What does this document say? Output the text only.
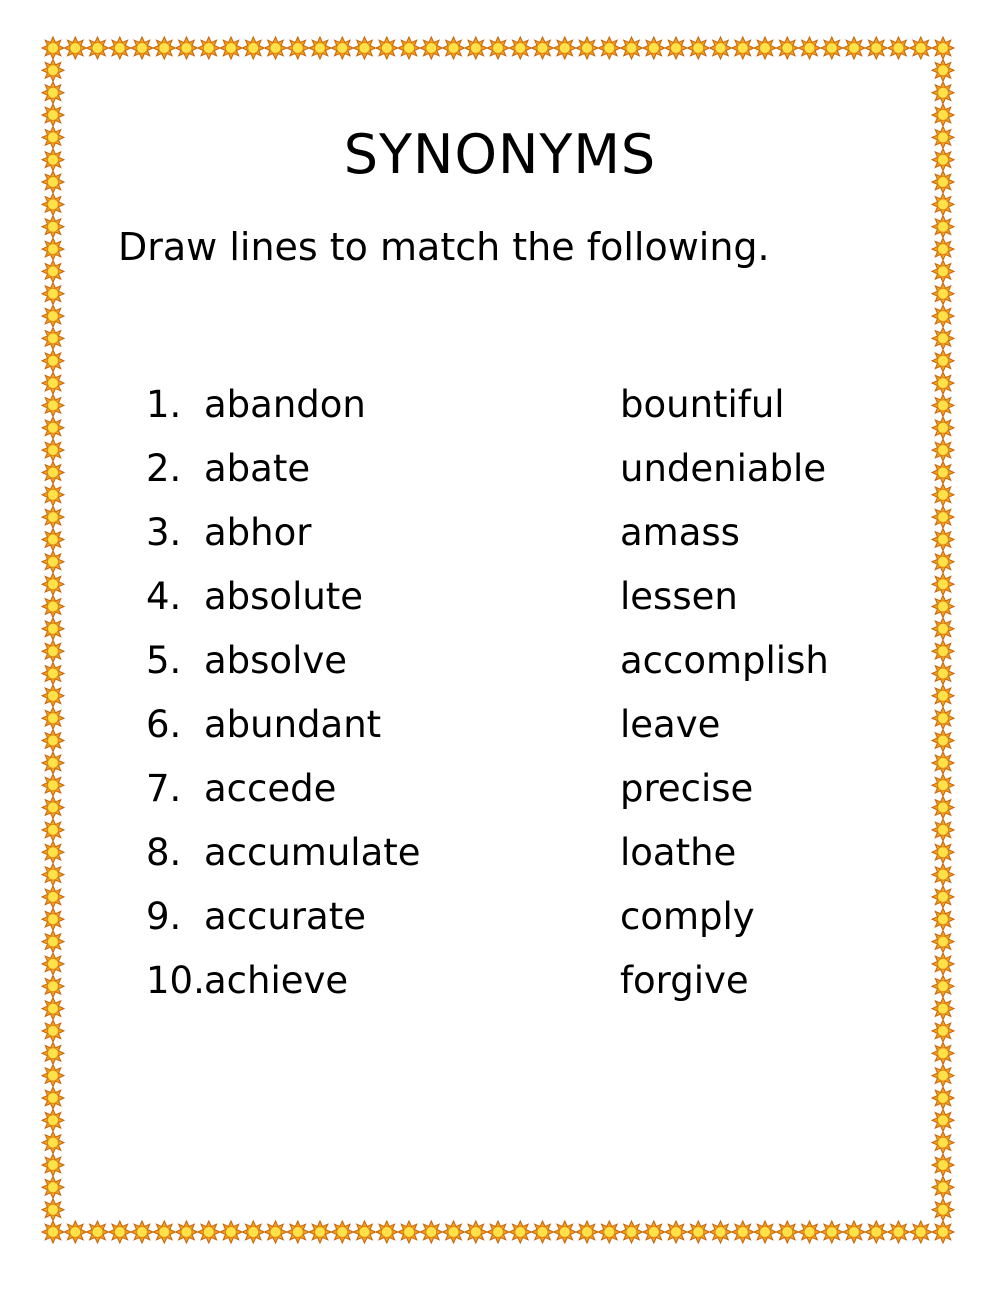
SYNONYMS
Draw lines to match the following.
1. abandon
2. abate
3. abhor
4. absolute
5. absolve
6. abundant
7. accede
8. accumulate
9. accurate
10.achieve
bountiful
undeniable
amass
lessen
accomplish
leave
precise
loathe
comply
forgive
